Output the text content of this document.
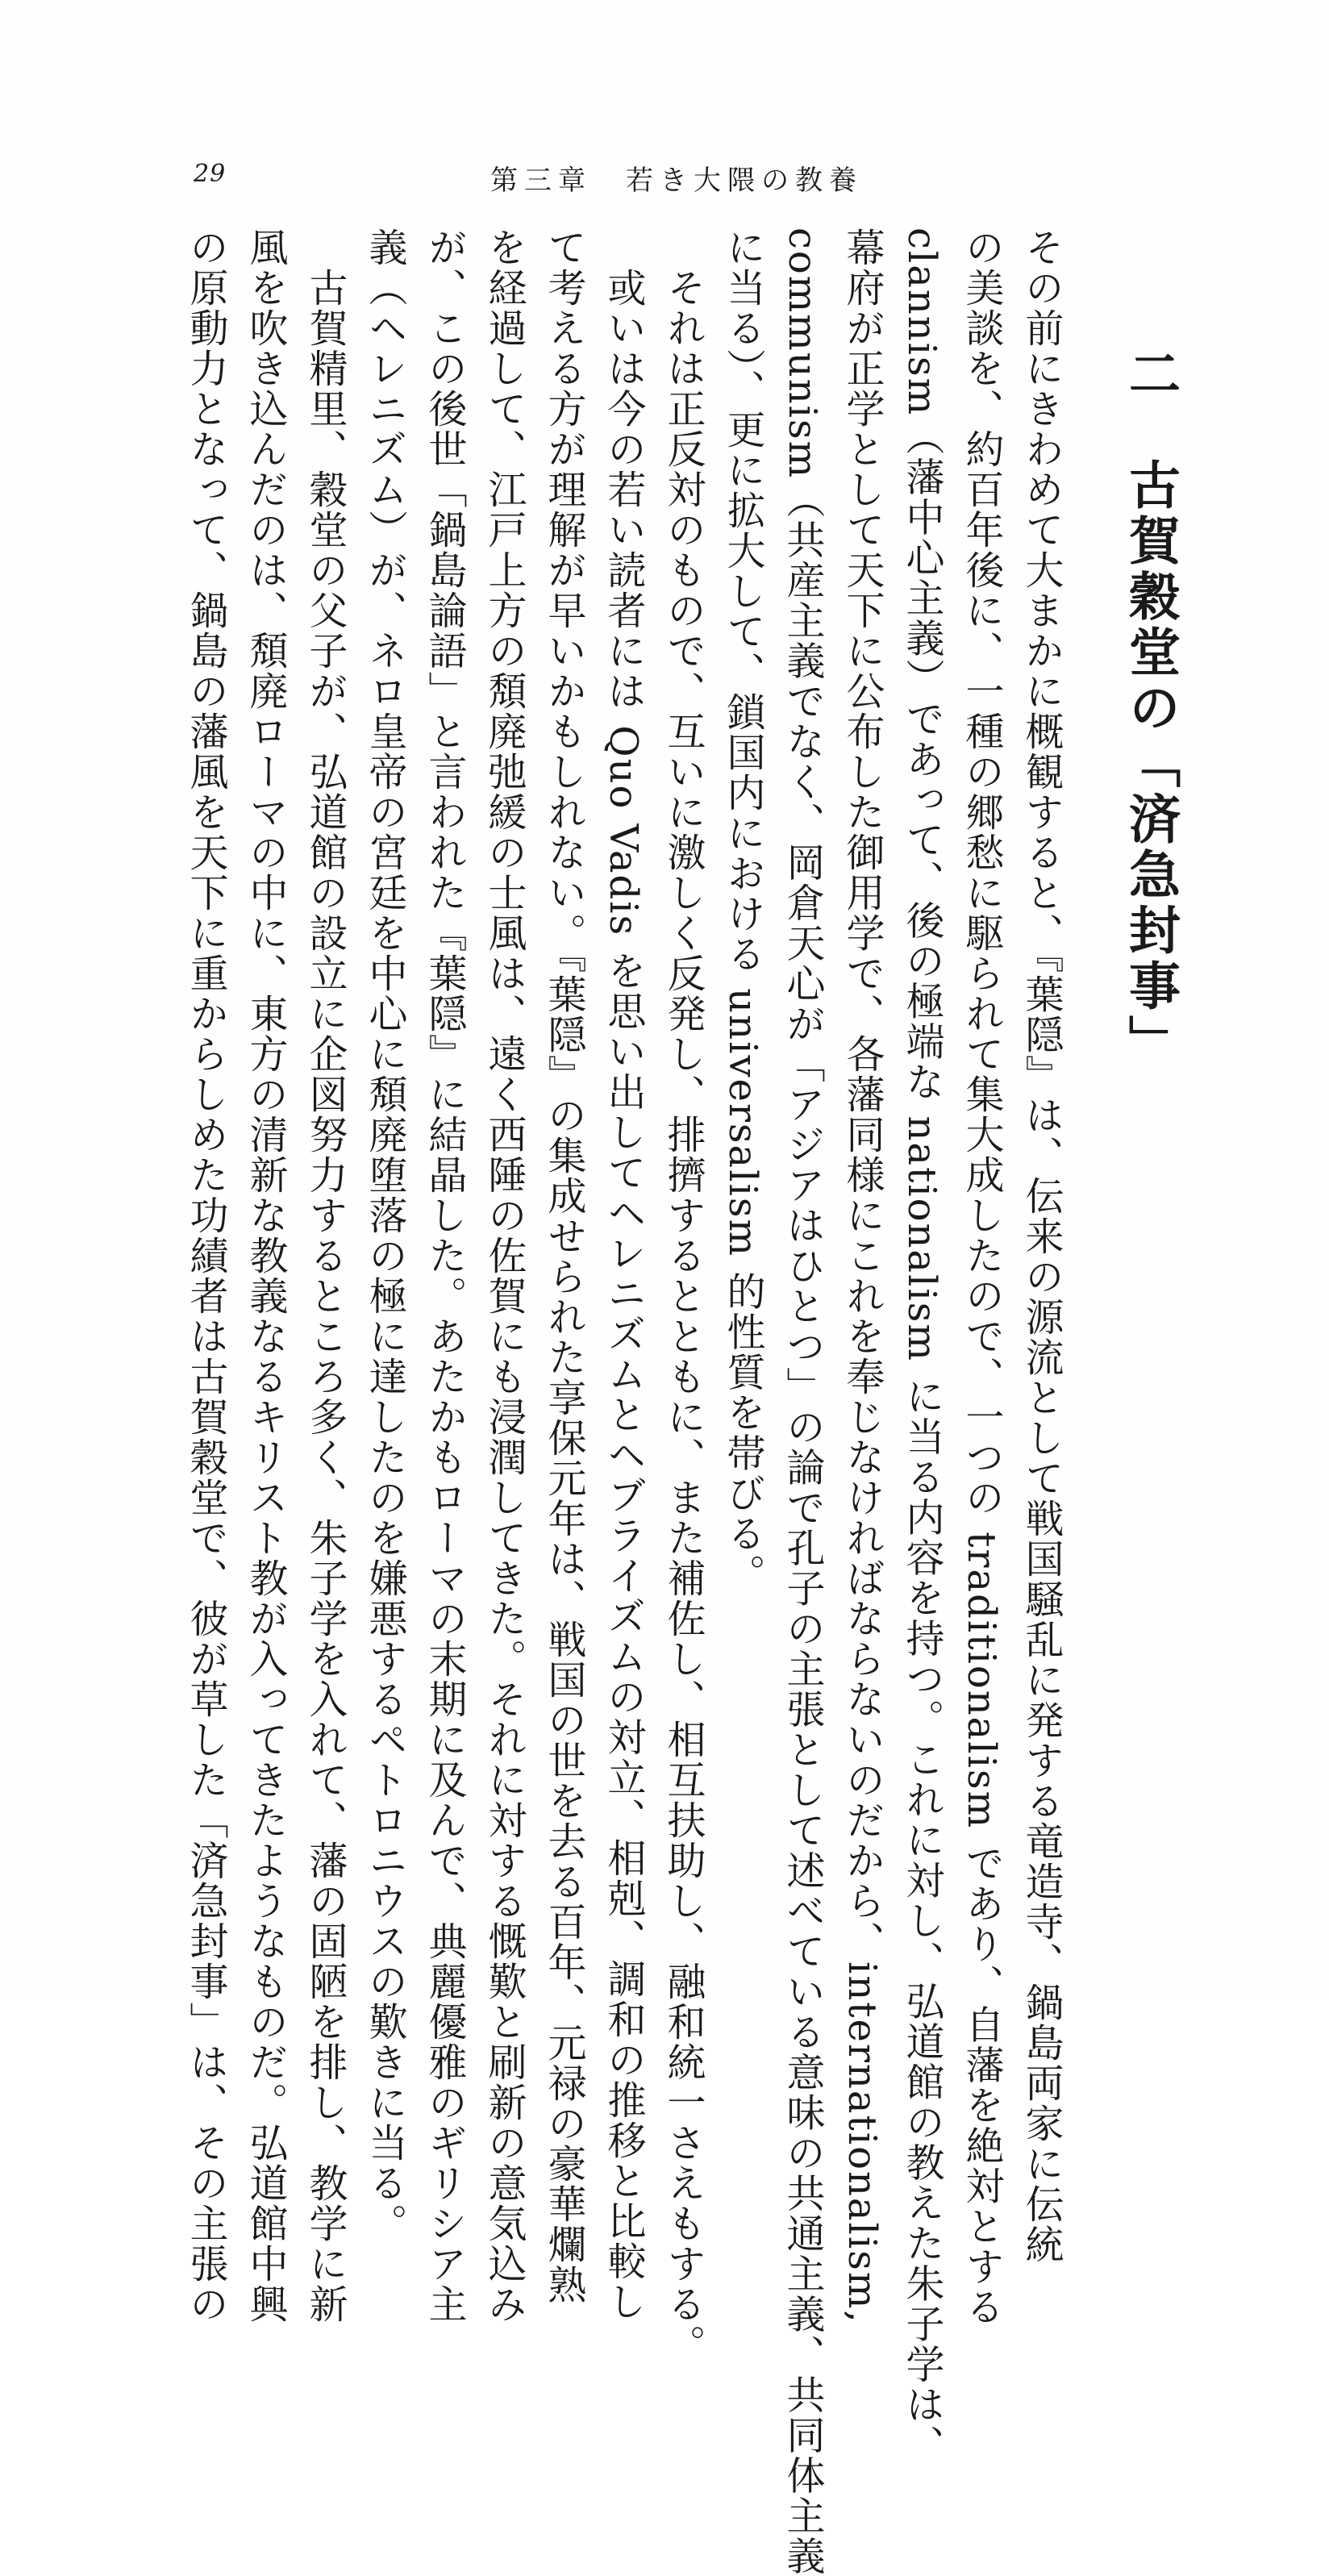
29	第三章　若き大隈の教養
二　古賀穀堂の「済急封事」
その前にきわめて大まかに概観すると、『葉隠』は、伝来の源流として戦国騒乱に発する竜造寺、鍋島両家に伝統
の美談を、約百年後に、一種の郷愁に駆られて集大成したので、一つの traditionalism であり、自藩を絶対とする
clannism（藩中心主義）であって、後の極端な nationalism に当る内容を持つ。これに対し、弘道館の教えた朱子学は、
幕府が正学として天下に公布した御用学で、各藩同様にこれを奉じなければならないのだから、internationalism,
communism（共産主義でなく、岡倉天心が「アジアはひとつ」の論で孔子の主張として述べている意味の共通主義、共同体主義
に当る）、更に拡大して、鎖国内における universalism 的性質を帯びる。
それは正反対のもので、互いに激しく反発し、排擠するとともに、また補佐し、相互扶助し、融和統一さえもする。
或いは今の若い読者には Quo Vadis を思い出してヘレニズムとヘブライズムの対立、相剋、調和の推移と比較し
て考える方が理解が早いかもしれない。『葉隠』の集成せられた享保元年は、戦国の世を去る百年、元禄の豪華爛熟
を経過して、江戸上方の頽廃弛緩の士風は、遠く西陲の佐賀にも浸潤してきた。それに対する慨歎と刷新の意気込み
が、この後世「鍋島論語」と言われた『葉隠』に結晶した。あたかもローマの末期に及んで、典麗優雅のギリシア主
義（ヘレニズム）が、ネロ皇帝の宮廷を中心に頽廃堕落の極に達したのを嫌悪するペトロニウスの歎きに当る。
古賀精里、穀堂の父子が、弘道館の設立に企図努力するところ多く、朱子学を入れて、藩の固陋を排し、教学に新
風を吹き込んだのは、頽廃ローマの中に、東方の清新な教義なるキリスト教が入ってきたようなものだ。弘道館中興
の原動力となって、鍋島の藩風を天下に重からしめた功績者は古賀穀堂で、彼が草した「済急封事」は、その主張の
